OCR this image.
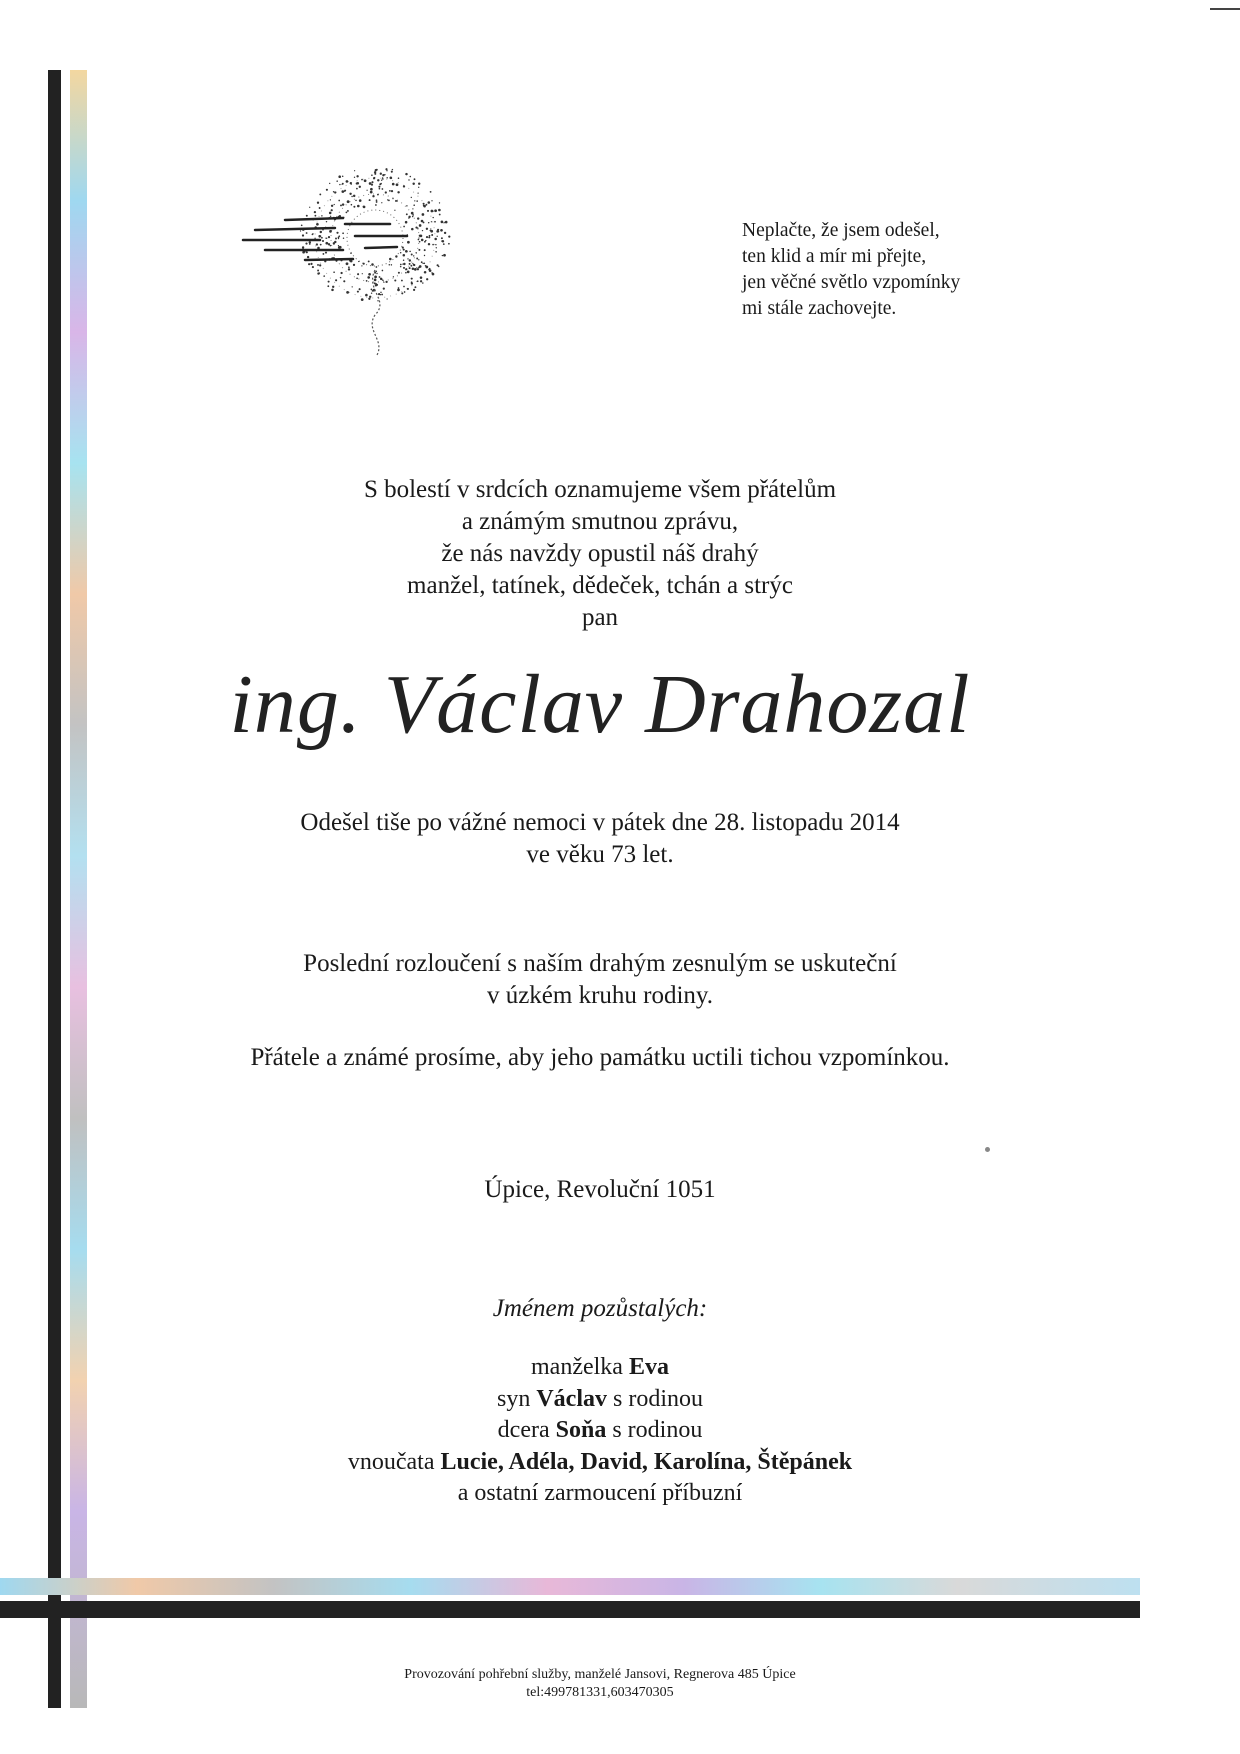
Neplačte, že jsem odešel,
ten klid a mír mi přejte,
jen věčné světlo vzpomínky
mi stále zachovejte.
S bolestí v srdcích oznamujeme všem přátelům
a známým smutnou zprávu,
že nás navždy opustil náš drahý
manžel, tatínek, dědeček, tchán a strýc
pan
ing. Václav Drahozal
Odešel tiše po vážné nemoci v pátek dne 28. listopadu 2014
ve věku 73 let.
Poslední rozloučení s naším drahým zesnulým se uskuteční
v úzkém kruhu rodiny.
Přátele a známé prosíme, aby jeho památku uctili tichou vzpomínkou.
Úpice, Revoluční 1051
Jménem pozůstalých:
manželka Eva
syn Václav s rodinou
dcera Soňa s rodinou
vnoučata Lucie, Adéla, David, Karolína, Štěpánek
a ostatní zarmoucení příbuzní
Provozování pohřební služby, manželé Jansovi, Regnerova 485 Úpice
tel:499781331,603470305
